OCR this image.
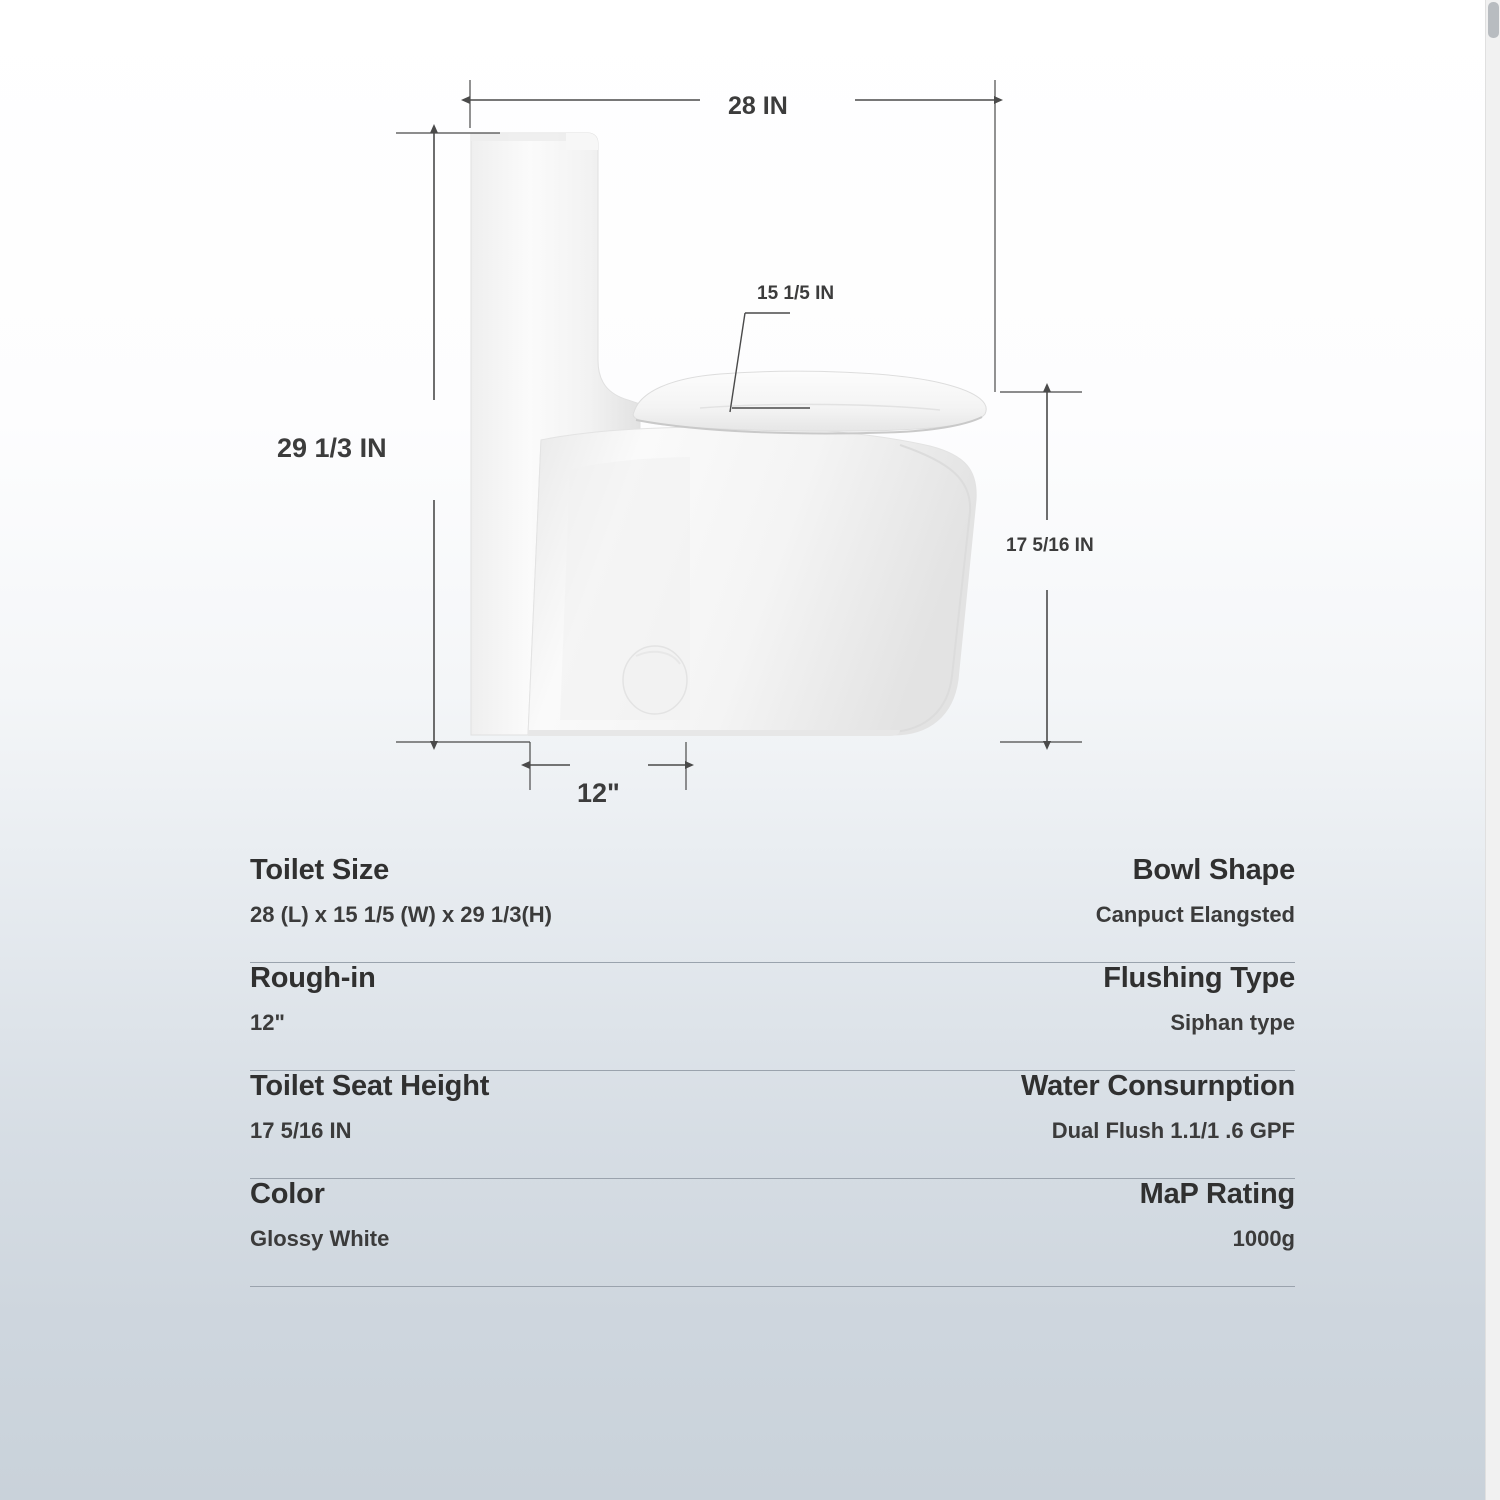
28 IN
29 1/3 IN
15 1/5 IN
17 5/16 IN
12"
Toilet Size
28 (L) x 15 1/5 (W) x 29 1/3(H)
Bowl Shape
Canpuct Elangsted
Rough-in
12"
Flushing Type
Siphan type
Toilet Seat Height
17 5/16 IN
Water Consurnption
Dual Flush 1.1/1 .6 GPF
Color
Glossy White
MaP Rating
1000g
